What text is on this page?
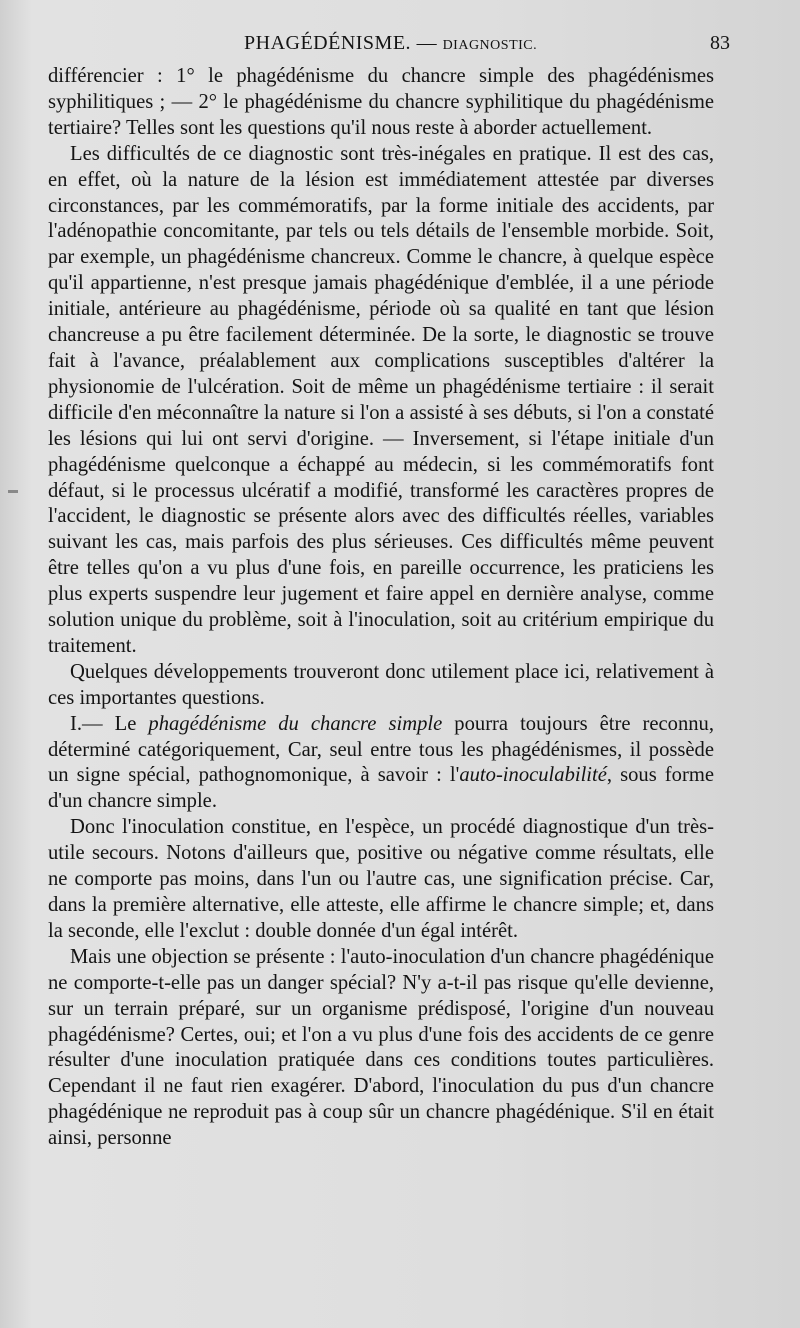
PHAGÉDÉNISME. — DIAGNOSTIC.	83

différencier : 1° le phagédénisme du chancre simple des phagédénismes syphilitiques ; — 2° le phagédénisme du chancre syphilitique du phagédénisme tertiaire? Telles sont les questions qu'il nous reste à aborder actuellement.

Les difficultés de ce diagnostic sont très-inégales en pratique. Il est des cas, en effet, où la nature de la lésion est immédiatement attestée par diverses circonstances, par les commémoratifs, par la forme initiale des accidents, par l'adénopathie concomitante, par tels ou tels détails de l'ensemble morbide. Soit, par exemple, un phagédénisme chancreux. Comme le chancre, à quelque espèce qu'il appartienne, n'est presque jamais phagédénique d'emblée, il a une période initiale, antérieure au phagédénisme, période où sa qualité en tant que lésion chancreuse a pu être facilement déterminée. De la sorte, le diagnostic se trouve fait à l'avance, préalablement aux complications susceptibles d'altérer la physionomie de l'ulcération. Soit de même un phagédénisme tertiaire : il serait difficile d'en méconnaître la nature si l'on a assisté à ses débuts, si l'on a constaté les lésions qui lui ont servi d'origine. — Inversement, si l'étape initiale d'un phagédénisme quelconque a échappé au médecin, si les commémoratifs font défaut, si le processus ulcératif a modifié, transformé les caractères propres de l'accident, le diagnostic se présente alors avec des difficultés réelles, variables suivant les cas, mais parfois des plus sérieuses. Ces difficultés même peuvent être telles qu'on a vu plus d'une fois, en pareille occurrence, les praticiens les plus experts suspendre leur jugement et faire appel en dernière analyse, comme solution unique du problème, soit à l'inoculation, soit au critérium empirique du traitement.

Quelques développements trouveront donc utilement place ici, relativement à ces importantes questions.

I.— Le phagédénisme du chancre simple pourra toujours être reconnu, déterminé catégoriquement, Car, seul entre tous les phagédénismes, il possède un signe spécial, pathognomonique, à savoir : l'auto-inoculabilité, sous forme d'un chancre simple.

Donc l'inoculation constitue, en l'espèce, un procédé diagnostique d'un très-utile secours. Notons d'ailleurs que, positive ou négative comme résultats, elle ne comporte pas moins, dans l'un ou l'autre cas, une signification précise. Car, dans la première alternative, elle atteste, elle affirme le chancre simple; et, dans la seconde, elle l'exclut : double donnée d'un égal intérêt.

Mais une objection se présente : l'auto-inoculation d'un chancre phagédénique ne comporte-t-elle pas un danger spécial? N'y a-t-il pas risque qu'elle devienne, sur un terrain préparé, sur un organisme prédisposé, l'origine d'un nouveau phagédénisme? Certes, oui; et l'on a vu plus d'une fois des accidents de ce genre résulter d'une inoculation pratiquée dans ces conditions toutes particulières. Cependant il ne faut rien exagérer. D'abord, l'inoculation du pus d'un chancre phagédénique ne reproduit pas à coup sûr un chancre phagédénique. S'il en était ainsi, personne
